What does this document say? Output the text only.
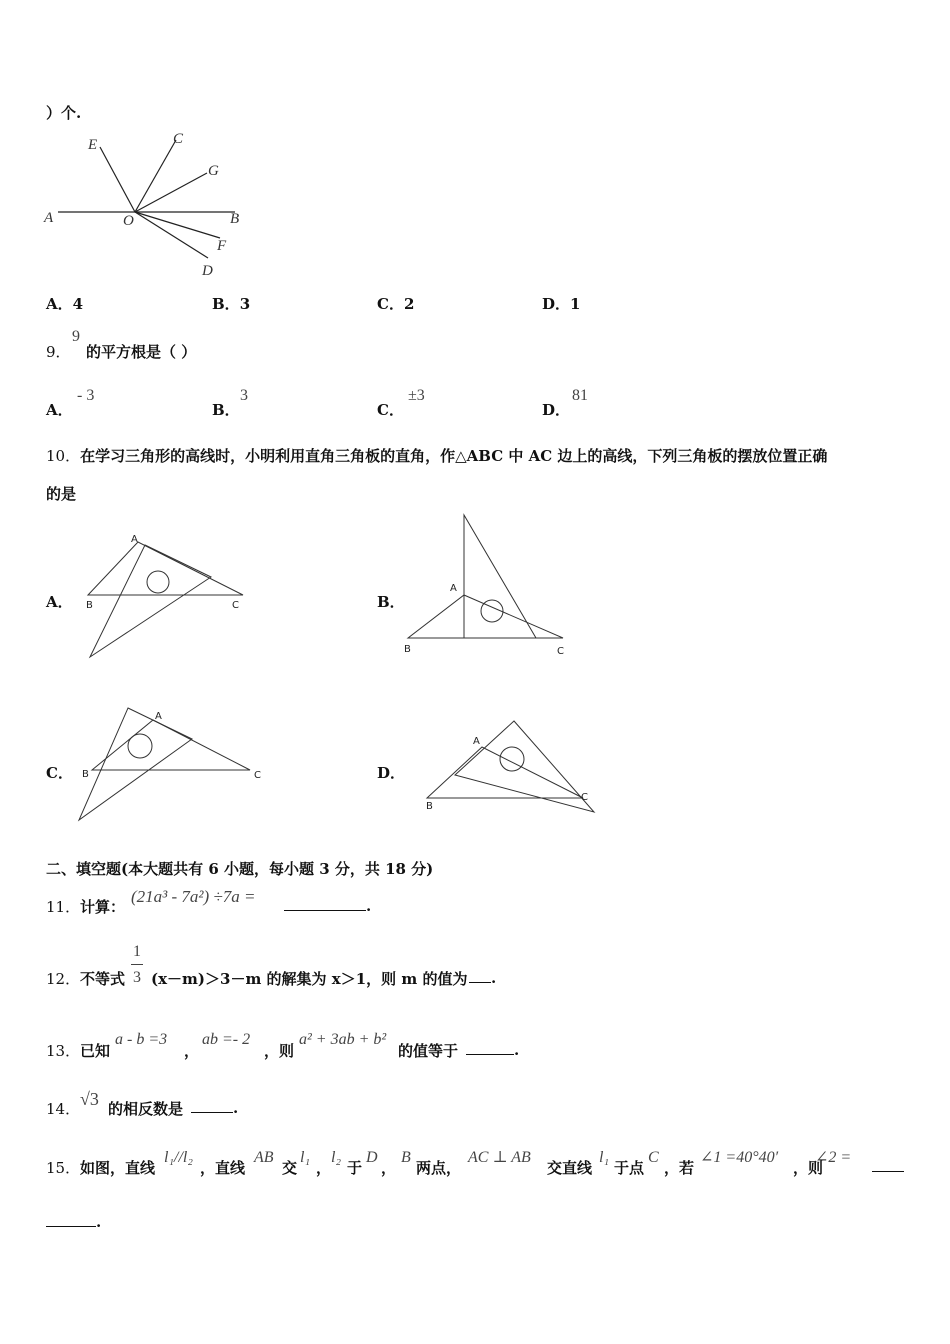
）个.
A	B
O
E	C
G
F
D
A．4	B．3	C．2	D．1
9．
9
的平方根是（ ）
A．
- 3
B．
3
C．
±3
D．
81
10．在学习三角形的高线时，小明利用直角三角板的直角，作△ABC 中 AC 边上的高线，下列三角板的摆放位置正确
的是
A．
A
B	C	B．
A
B	C
C．
A
B	C	D．
A
B
C
二、填空题(本大题共有 6 小题，每小题 3 分，共 18 分)
11． 计算：
(21a³ - 7a²) ÷7a =	.
12． 不等式
1
3 (x－m)＞3－m 的解集为 x＞1，则 m 的值为	.
13． 已知
a - b =3
，
ab =- 2
，则
a² + 3ab + b²
的值等于	.
14． √3 的相反数是	.
15． 如图，直线
l₁//l₂
，直线
AB
交
l₁
，
l₂
于
D
，
B
两点，
AC ⊥ AB
交直线
l₁
于点
C
，若
∠1 =40°40′
，则
∠2 =
.
